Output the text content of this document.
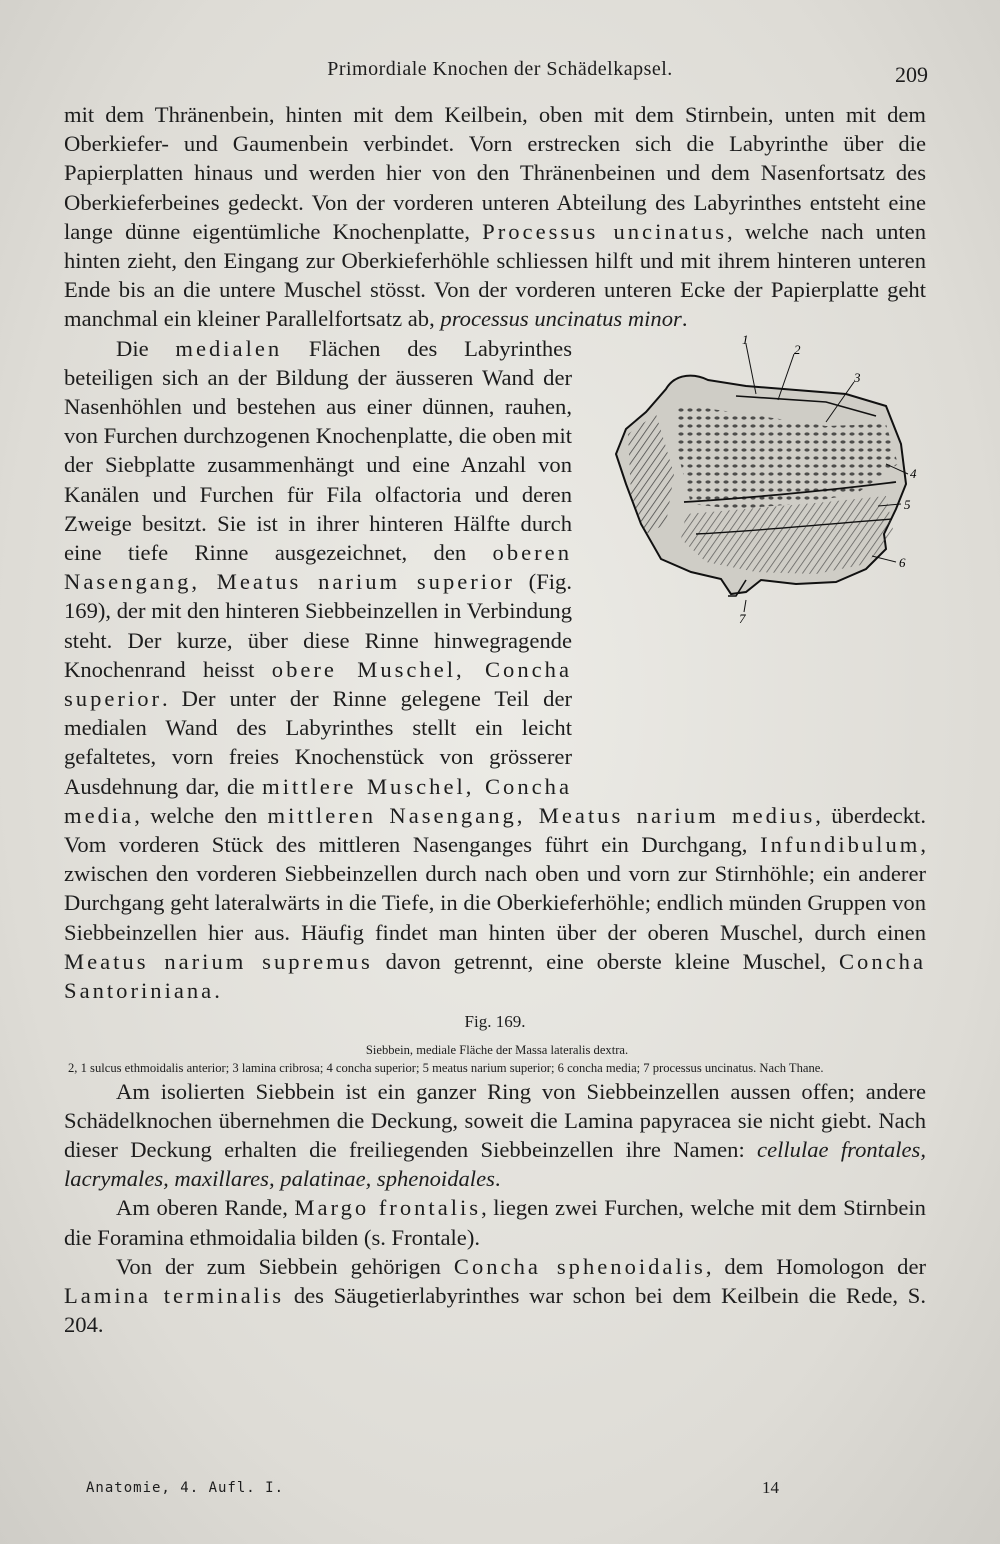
Primordiale Knochen der Schädelkapsel.	209

mit dem Thränenbein, hinten mit dem Keilbein, oben mit dem Stirnbein, unten mit dem Oberkiefer- und Gaumenbein verbindet. Vorn erstrecken sich die Labyrinthe über die Papierplatten hinaus und werden hier von den Thränenbeinen und dem Nasenfortsatz des Oberkieferbeines gedeckt. Von der vorderen unteren Abteilung des Labyrinthes entsteht eine lange dünne eigentümliche Knochenplatte, Processus uncinatus, welche nach unten hinten zieht, den Eingang zur Oberkieferhöhle schliessen hilft und mit ihrem hinteren unteren Ende bis an die untere Muschel stösst. Von der vorderen unteren Ecke der Papierplatte geht manchmal ein kleiner Parallelfortsatz ab, processus uncinatus minor.

1
2
3
4
5
6
7
Die medialen Flächen des Labyrinthes beteiligen sich an der Bildung der äusseren Wand der Nasenhöhlen und bestehen aus einer dünnen, rauhen, von Furchen durchzogenen Knochenplatte, die oben mit der Siebplatte zusammenhängt und eine Anzahl von Kanälen und Furchen für Fila olfactoria und deren Zweige besitzt. Sie ist in ihrer hinteren Hälfte durch eine tiefe Rinne ausgezeichnet, den oberen Nasengang, Meatus narium superior (Fig. 169), der mit den hinteren Siebbeinzellen in Verbindung steht. Der kurze, über diese Rinne hinwegragende Knochenrand heisst obere Muschel, Concha superior. Der unter der Rinne gelegene Teil der medialen Wand des Labyrinthes stellt ein leicht gefaltetes, vorn freies Knochenstück von grösserer Ausdehnung dar, die mittlere Muschel, Concha media, welche den mittleren Nasengang, Meatus narium medius, überdeckt. Vom vorderen Stück des mittleren Nasenganges führt ein Durchgang, Infundibulum, zwischen den vorderen Siebbeinzellen durch nach oben und vorn zur Stirnhöhle; ein anderer Durchgang geht lateralwärts in die Tiefe, in die Oberkieferhöhle; endlich münden Gruppen von Siebbeinzellen hier aus. Häufig findet man hinten über der oberen Muschel, durch einen Meatus narium supremus davon getrennt, eine oberste kleine Muschel, Concha Santoriniana.

Fig. 169.
Siebbein, mediale Fläche der Massa lateralis dextra.
2, 1 sulcus ethmoidalis anterior; 3 lamina cribrosa; 4 concha superior; 5 meatus narium superior; 6 concha media; 7 processus uncinatus. Nach Thane.

Am isolierten Siebbein ist ein ganzer Ring von Siebbeinzellen aussen offen; andere Schädelknochen übernehmen die Deckung, soweit die Lamina papyracea sie nicht giebt. Nach dieser Deckung erhalten die freiliegenden Siebbeinzellen ihre Namen: cellulae frontales, lacrymales, maxillares, palatinae, sphenoidales.

Am oberen Rande, Margo frontalis, liegen zwei Furchen, welche mit dem Stirnbein die Foramina ethmoidalia bilden (s. Frontale).

Von der zum Siebbein gehörigen Concha sphenoidalis, dem Homologon der Lamina terminalis des Säugetierlabyrinthes war schon bei dem Keilbein die Rede, S. 204.

Anatomie, 4. Aufl. I.	14
